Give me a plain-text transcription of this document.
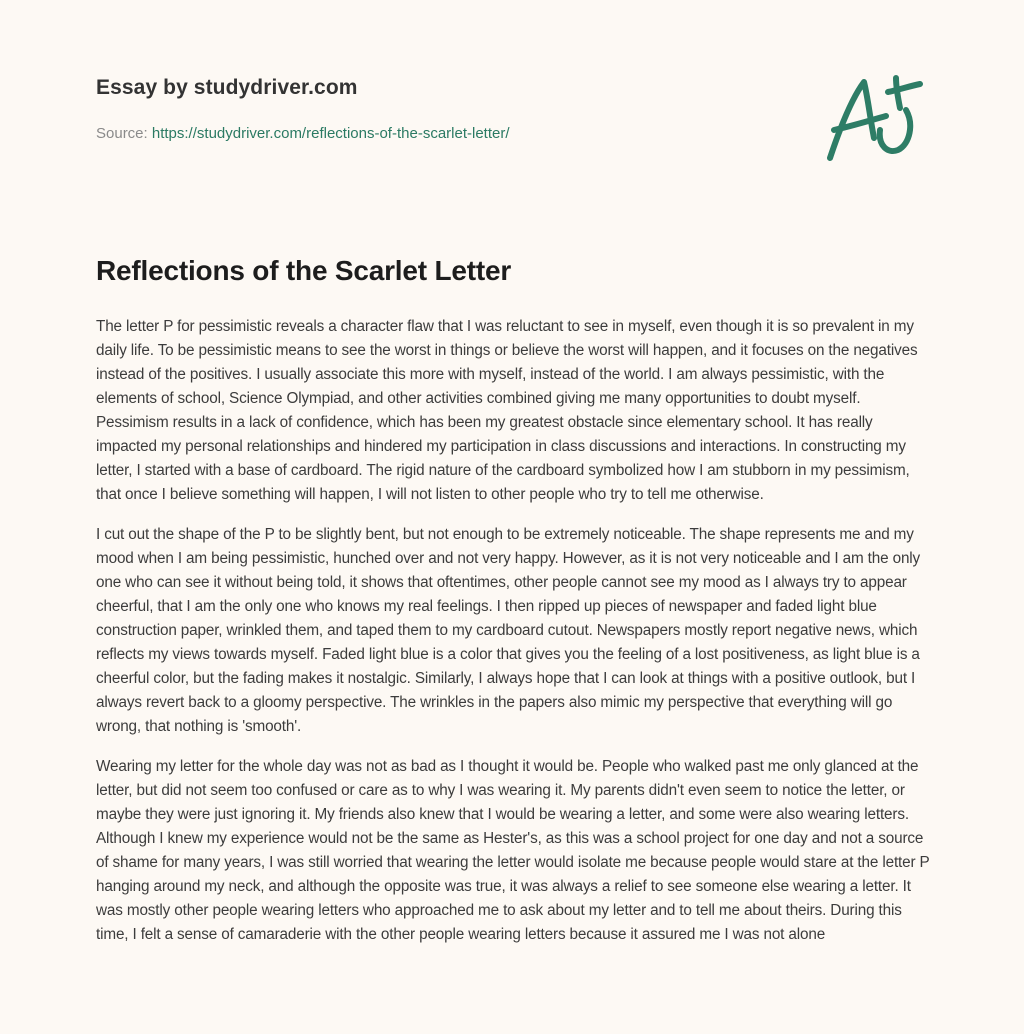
Essay by studydriver.com
Source: https://studydriver.com/reflections-of-the-scarlet-letter/
Reflections of the Scarlet Letter

The letter P for pessimistic reveals a character flaw that I was reluctant to see in myself, even though it is so prevalent in my daily life. To be pessimistic means to see the worst in things or believe the worst will happen, and it focuses on the negatives instead of the positives. I usually associate this more with myself, instead of the world. I am always pessimistic, with the elements of school, Science Olympiad, and other activities combined giving me many opportunities to doubt myself. Pessimism results in a lack of confidence, which has been my greatest obstacle since elementary school. It has really impacted my personal relationships and hindered my participation in class discussions and interactions. In constructing my letter, I started with a base of cardboard. The rigid nature of the cardboard symbolized how I am stubborn in my pessimism, that once I believe something will happen, I will not listen to other people who try to tell me otherwise.

I cut out the shape of the P to be slightly bent, but not enough to be extremely noticeable. The shape represents me and my mood when I am being pessimistic, hunched over and not very happy. However, as it is not very noticeable and I am the only one who can see it without being told, it shows that oftentimes, other people cannot see my mood as I always try to appear cheerful, that I am the only one who knows my real feelings. I then ripped up pieces of newspaper and faded light blue construction paper, wrinkled them, and taped them to my cardboard cutout. Newspapers mostly report negative news, which reflects my views towards myself. Faded light blue is a color that gives you the feeling of a lost positiveness, as light blue is a cheerful color, but the fading makes it nostalgic. Similarly, I always hope that I can look at things with a positive outlook, but I always revert back to a gloomy perspective. The wrinkles in the papers also mimic my perspective that everything will go wrong, that nothing is 'smooth'.

Wearing my letter for the whole day was not as bad as I thought it would be. People who walked past me only glanced at the letter, but did not seem too confused or care as to why I was wearing it. My parents didn't even seem to notice the letter, or maybe they were just ignoring it. My friends also knew that I would be wearing a letter, and some were also wearing letters. Although I knew my experience would not be the same as Hester's, as this was a school project for one day and not a source of shame for many years, I was still worried that wearing the letter would isolate me because people would stare at the letter P hanging around my neck, and although the opposite was true, it was always a relief to see someone else wearing a letter. It was mostly other people wearing letters who approached me to ask about my letter and to tell me about theirs. During this time, I felt a sense of camaraderie with the other people wearing letters because it assured me I was not alone
